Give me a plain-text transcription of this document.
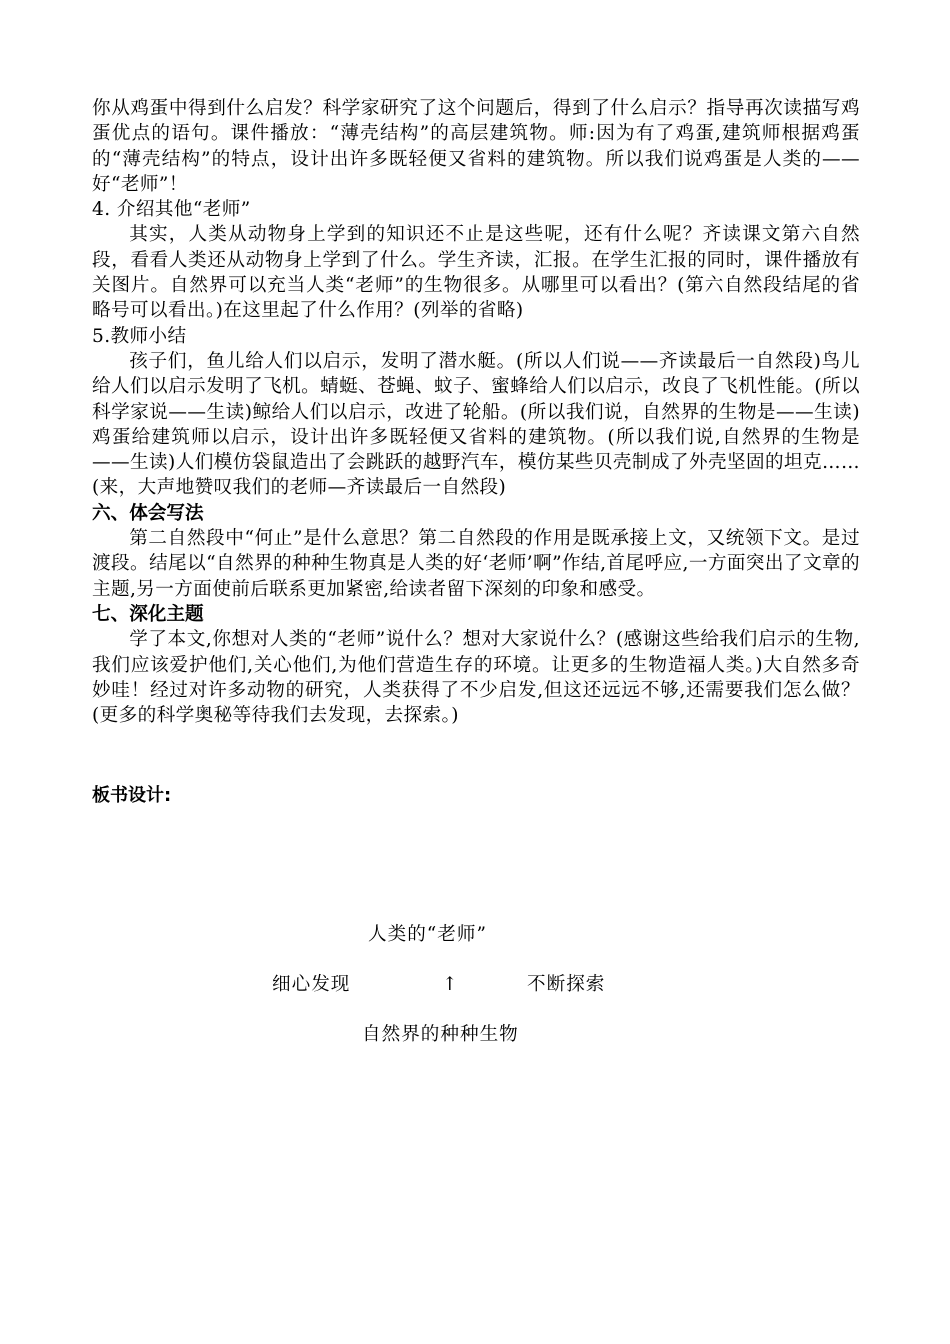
你从鸡蛋中得到什么启发？科学家研究了这个问题后，得到了什么启示？指导再次读描写鸡蛋优点的语句。课件播放：“薄壳结构”的高层建筑物。师:因为有了鸡蛋,建筑师根据鸡蛋的“薄壳结构”的特点，设计出许多既轻便又省料的建筑物。所以我们说鸡蛋是人类的——好“老师”！

4. 介绍其他“老师”

其实，人类从动物身上学到的知识还不止是这些呢，还有什么呢？齐读课文第六自然段，看看人类还从动物身上学到了什么。学生齐读，汇报。在学生汇报的同时，课件播放有关图片。自然界可以充当人类“老师”的生物很多。从哪里可以看出？(第六自然段结尾的省略号可以看出。)在这里起了什么作用？(列举的省略)

5.教师小结

孩子们，鱼儿给人们以启示，发明了潜水艇。(所以人们说——齐读最后一自然段)鸟儿给人们以启示发明了飞机。蜻蜓、苍蝇、蚊子、蜜蜂给人们以启示，改良了飞机性能。(所以科学家说——生读)鲸给人们以启示，改进了轮船。(所以我们说，自然界的生物是——生读)鸡蛋给建筑师以启示，设计出许多既轻便又省料的建筑物。(所以我们说,自然界的生物是——生读)人们模仿袋鼠造出了会跳跃的越野汽车，模仿某些贝壳制成了外壳坚固的坦克……(来，大声地赞叹我们的老师—齐读最后一自然段)

六、体会写法

第二自然段中“何止”是什么意思？第二自然段的作用是既承接上文，又统领下文。是过渡段。结尾以“自然界的种种生物真是人类的好‘老师’啊”作结,首尾呼应,一方面突出了文章的主题,另一方面使前后联系更加紧密,给读者留下深刻的印象和感受。

七、深化主题

学了本文,你想对人类的“老师”说什么？想对大家说什么？(感谢这些给我们启示的生物,我们应该爱护他们,关心他们,为他们营造生存的环境。让更多的生物造福人类。)大自然多奇妙哇！经过对许多动物的研究，人类获得了不少启发,但这还远远不够,还需要我们怎么做？(更多的科学奥秘等待我们去发现，去探索。)

板书设计:

人类的“老师”
细心发现	↑	不断探索
自然界的种种生物
